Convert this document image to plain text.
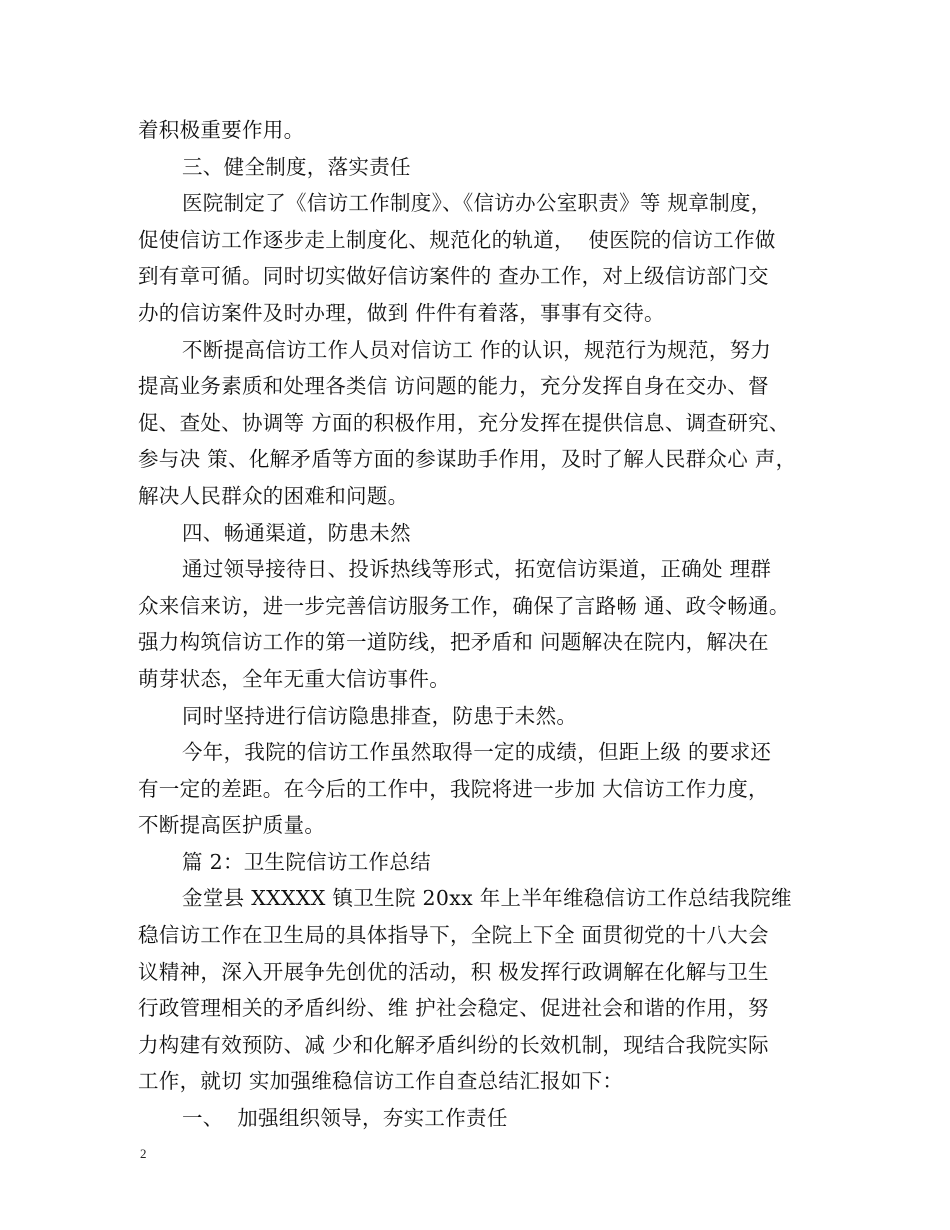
着积极重要作用。
三、健全制度，落实责任
医院制定了《信访工作制度》、《信访办公室职责》等 规章制度，
促使信访工作逐步走上制度化、规范化的轨道，  使医院的信访工作做
到有章可循。同时切实做好信访案件的 查办工作，对上级信访部门交
办的信访案件及时办理，做到 件件有着落，事事有交待。
不断提高信访工作人员对信访工 作的认识，规范行为规范，努力
提高业务素质和处理各类信 访问题的能力，充分发挥自身在交办、督
促、查处、协调等 方面的积极作用，充分发挥在提供信息、调查研究、
参与决 策、化解矛盾等方面的参谋助手作用，及时了解人民群众心 声，
解决人民群众的困难和问题。
四、畅通渠道，防患未然
通过领导接待日、投诉热线等形式，拓宽信访渠道，正确处 理群
众来信来访，进一步完善信访服务工作，确保了言路畅 通、政令畅通。
强力构筑信访工作的第一道防线，把矛盾和 问题解决在院内，解决在
萌芽状态，全年无重大信访事件。
同时坚持进行信访隐患排查，防患于未然。
今年，我院的信访工作虽然取得一定的成绩，但距上级 的要求还
有一定的差距。在今后的工作中，我院将进一步加 大信访工作力度，
不断提高医护质量。
篇 2：卫生院信访工作总结
金堂县 XXXXX 镇卫生院 20xx 年上半年维稳信访工作总结我院维
稳信访工作在卫生局的具体指导下，全院上下全 面贯彻党的十八大会
议精神，深入开展争先创优的活动，积 极发挥行政调解在化解与卫生
行政管理相关的矛盾纠纷、维 护社会稳定、促进社会和谐的作用，努
力构建有效预防、减 少和化解矛盾纠纷的长效机制，现结合我院实际
工作，就切 实加强维稳信访工作自查总结汇报如下：
一、  加强组织领导，夯实工作责任
2
